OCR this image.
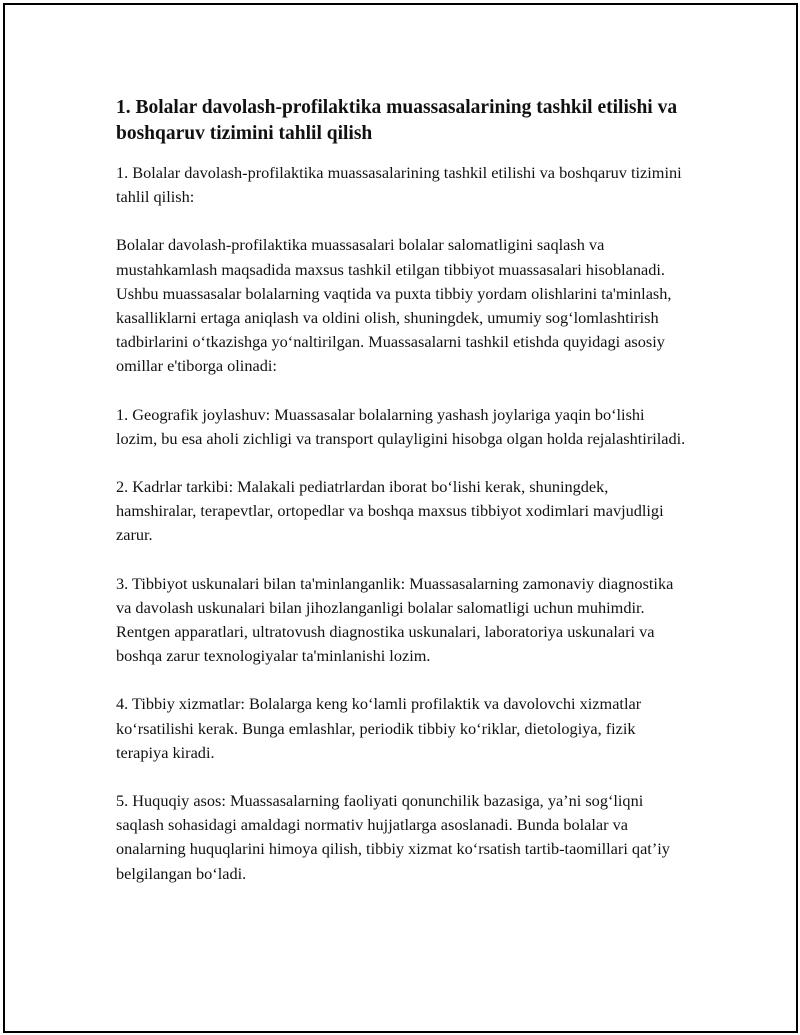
1. Bolalar davolash-profilaktika muassasalarining tashkil etilishi va boshqaruv tizimini tahlil qilish

1. Bolalar davolash-profilaktika muassasalarining tashkil etilishi va boshqaruv tizimini tahlil qilish:

Bolalar davolash-profilaktika muassasalari bolalar salomatligini saqlash va mustahkamlash maqsadida maxsus tashkil etilgan tibbiyot muassasalari hisoblanadi. Ushbu muassasalar bolalarning vaqtida va puxta tibbiy yordam olishlarini ta'minlash, kasalliklarni ertaga aniqlash va oldini olish, shuningdek, umumiy sog‘lomlashtirish tadbirlarini o‘tkazishga yo‘naltirilgan. Muassasalarni tashkil etishda quyidagi asosiy omillar e'tiborga olinadi:

1. Geografik joylashuv: Muassasalar bolalarning yashash joylariga yaqin bo‘lishi lozim, bu esa aholi zichligi va transport qulayligini hisobga olgan holda rejalashtiriladi.

2. Kadrlar tarkibi: Malakali pediatrlardan iborat bo‘lishi kerak, shuningdek, hamshiralar, terapevtlar, ortopedlar va boshqa maxsus tibbiyot xodimlari mavjudligi zarur.

3. Tibbiyot uskunalari bilan ta'minlanganlik: Muassasalarning zamonaviy diagnostika va davolash uskunalari bilan jihozlanganligi bolalar salomatligi uchun muhimdir. Rentgen apparatlari, ultratovush diagnostika uskunalari, laboratoriya uskunalari va boshqa zarur texnologiyalar ta'minlanishi lozim.

4. Tibbiy xizmatlar: Bolalarga keng ko‘lamli profilaktik va davolovchi xizmatlar ko‘rsatilishi kerak. Bunga emlashlar, periodik tibbiy ko‘riklar, dietologiya, fizik terapiya kiradi.

5. Huquqiy asos: Muassasalarning faoliyati qonunchilik bazasiga, ya’ni sog‘liqni saqlash sohasidagi amaldagi normativ hujjatlarga asoslanadi. Bunda bolalar va onalarning huquqlarini himoya qilish, tibbiy xizmat ko‘rsatish tartib-taomillari qat’iy belgilangan bo‘ladi.
